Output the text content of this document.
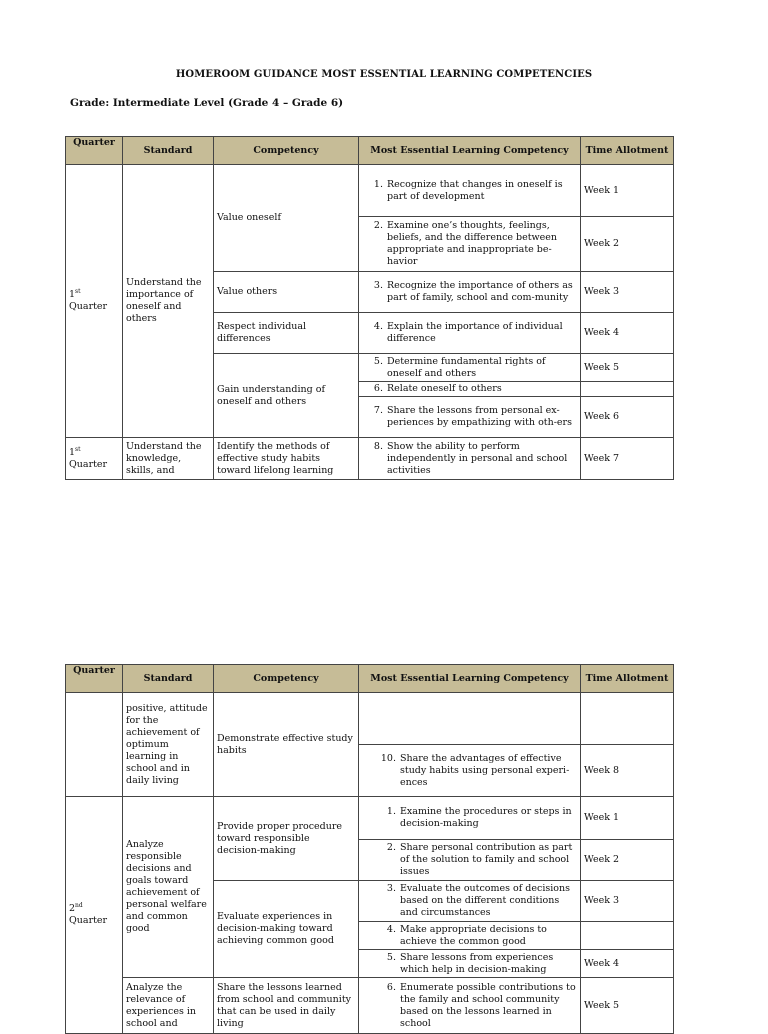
HOMEROOM GUIDANCE MOST ESSENTIAL LEARNING COMPETENCIES
Grade: Intermediate Level (Grade 4 – Grade 6)
Quarter	Standard	Competency	Most Essential Learning Competency	Time Allotment
1st
Quarter	Understand the importance of oneself and others	Value oneself	1. Recognize that changes in oneself is part of development	Week 1

			2. Examine one’s thoughts, feelings, beliefs, and the difference between appropriate and inappropriate be-havior	Week 2
		Value others	3. Recognize the importance of others as part of family, school and com-munity	Week 3
		Respect individual differences	4. Explain the importance of individual difference	Week 4
		Gain understanding of oneself and others	5. Determine fundamental rights of oneself and others	Week 5

			6. Relate oneself to others	

			7. Share the lessons from personal ex-periences by empathizing with oth-ers	Week 6
1st
Quarter	Understand the knowledge, skills, and	Identify the methods of effective study habits toward lifelong learning	8. Show the ability to perform independently in personal and school activities	Week 7
Quarter	Standard	Competency	Most Essential Learning Competency	Time Allotment
	positive, attitude for the achievement of optimum learning in school and in daily living	Demonstrate effective study habits		

			10. Share the advantages of effective study habits using personal experi-ences	Week 8
2nd
Quarter	Analyze responsible decisions and goals toward achievement of personal welfare and common good	Provide proper procedure toward responsible decision-making	1. Examine the procedures or steps in decision-making	Week 1

			2. Share personal contribution as part of the solution to family and school issues	Week 2
		Evaluate experiences in decision-making toward achieving common good	3. Evaluate the outcomes of decisions based on the different conditions and circumstances	Week 3

			4. Make appropriate decisions to achieve the common good	

			5. Share lessons from experiences which help in decision-making	Week 4
	Analyze the relevance of experiences in school and	Share the lessons learned from school and community that can be used in daily living	6. Enumerate possible contributions to the family and school community based on the lessons learned in school	Week 5
